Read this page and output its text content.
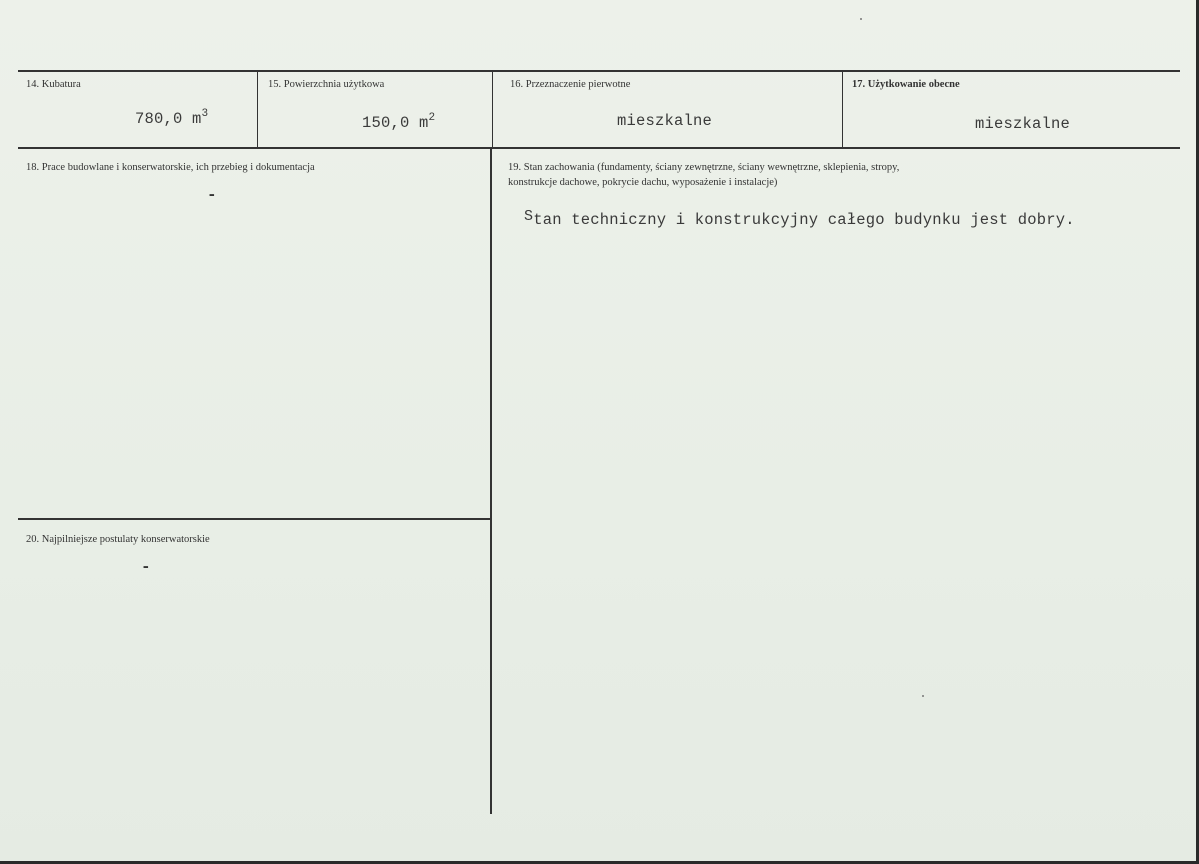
14. Kubatura
780,0 $m^3$
15. Powierzchnia użytkowa
150,0 $m^2$
16. Przeznaczenie pierwotne
mieszkalne
17. Użytkowanie obecne
mieszkalne
18. Prace budowlane i konserwatorskie, ich przebieg i dokumentacja
-
19. Stan zachowania (fundamenty, ściany zewnętrzne, ściany wewnętrzne, sklepienia, stropy,
konstrukcje dachowe, pokrycie dachu, wyposażenie i instalacje)
$^S$tan techniczny i konstrukcyjny całego budynku jest dobry.
20. Najpilniejsze postulaty konserwatorskie
-
